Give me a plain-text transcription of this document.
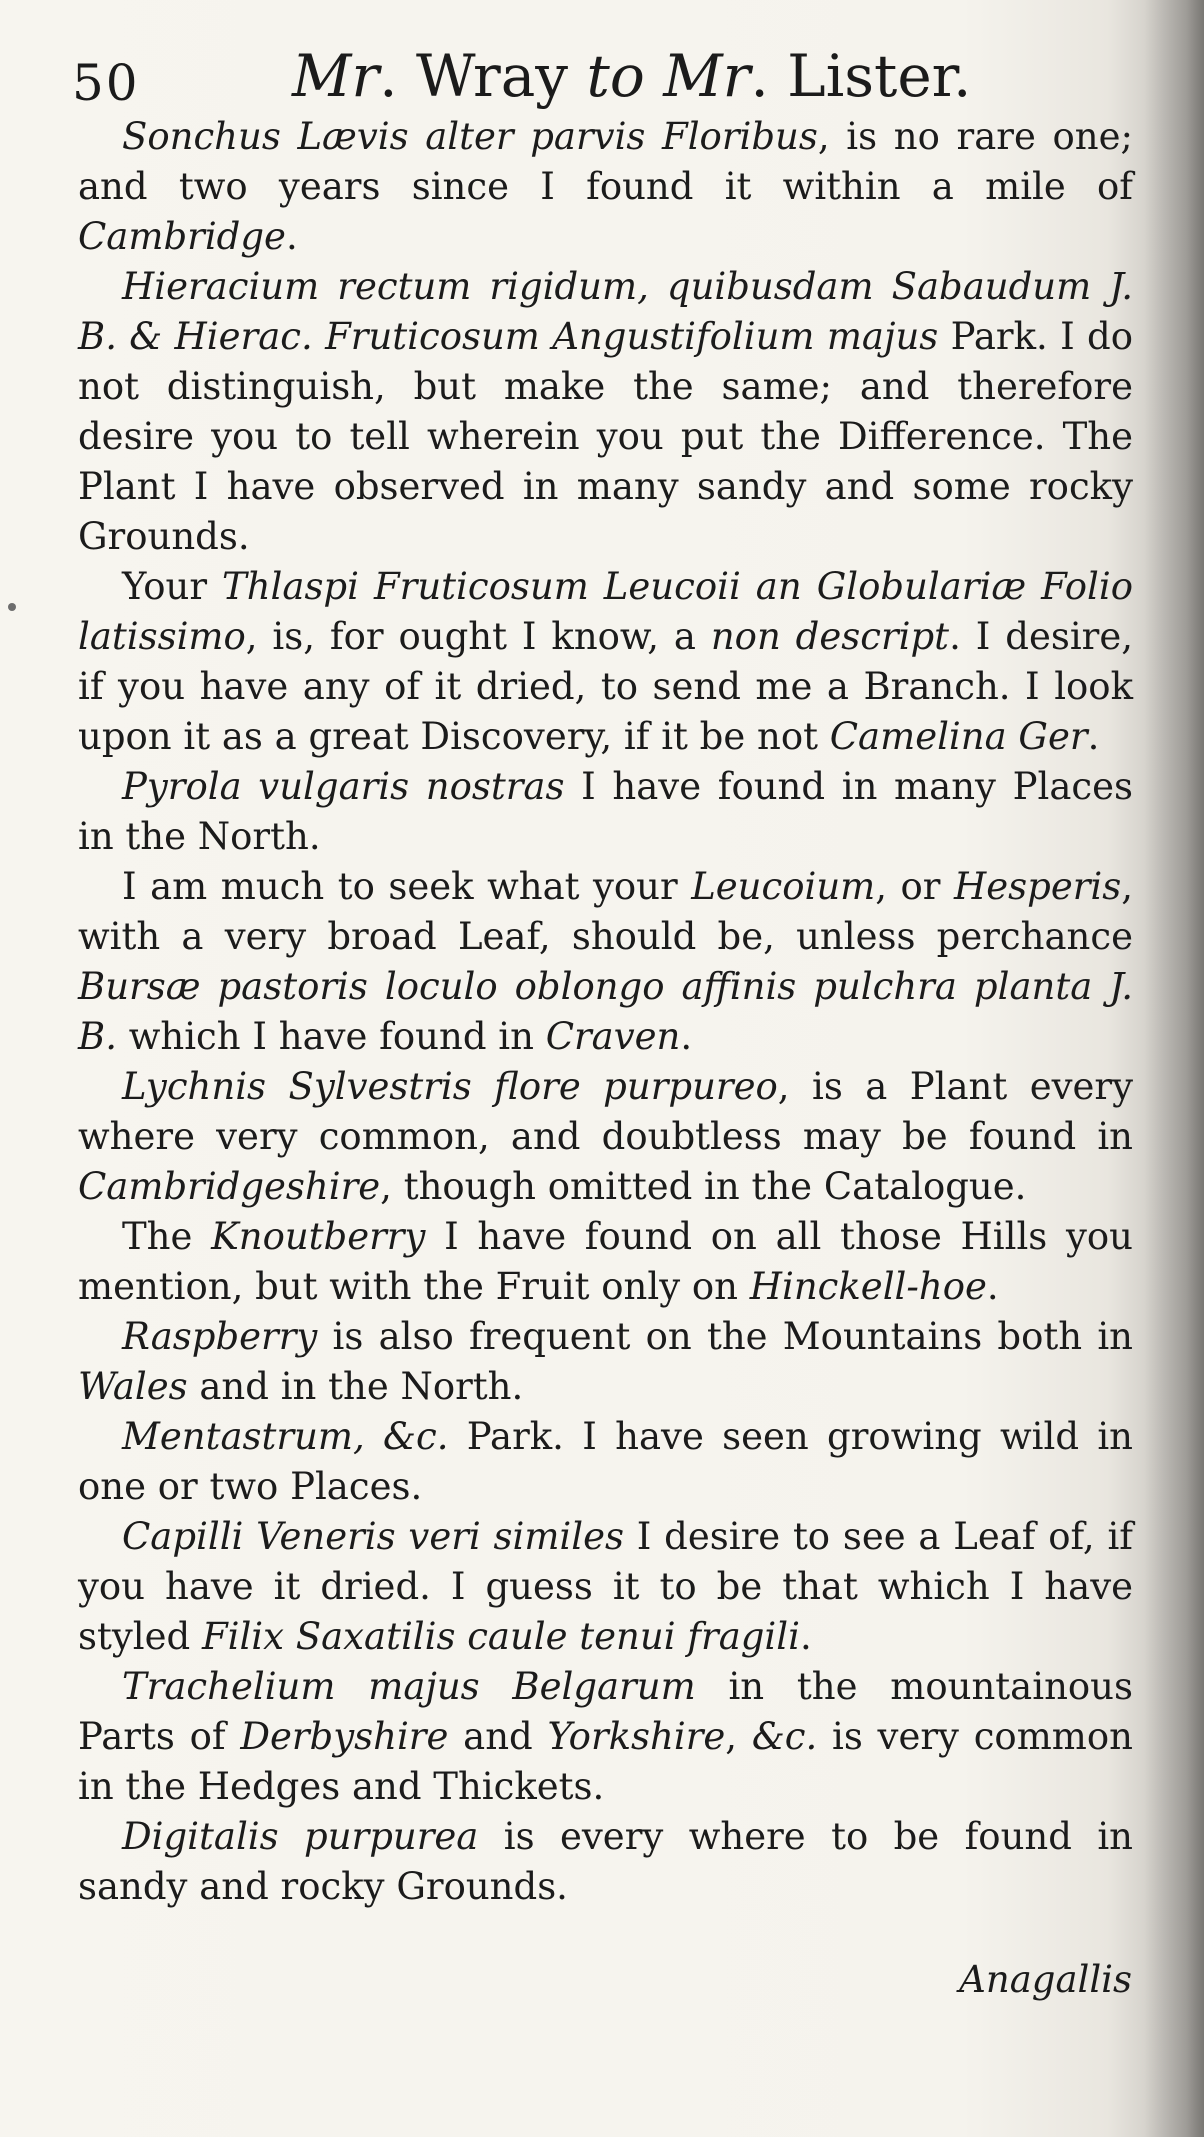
50	Mr. Wray to Mr. Lister.

Sonchus Lævis alter parvis Floribus, is no rare one; and two years since I found it within a mile of Cambridge.

Hieracium rectum rigidum, quibusdam Sabaudum J. B. & Hierac. Fruticosum Angustifolium majus Park. I do not distinguish, but make the same; and therefore desire you to tell wherein you put the Difference. The Plant I have observed in many sandy and some rocky Grounds.

Your Thlaspi Fruticosum Leucoii an Globulariæ Folio latissimo, is, for ought I know, a non descript. I desire, if you have any of it dried, to send me a Branch. I look upon it as a great Discovery, if it be not Camelina Ger.

Pyrola vulgaris nostras I have found in many Places in the North.

I am much to seek what your Leucoium, or Hesperis, with a very broad Leaf, should be, unless perchance Bursæ pastoris loculo oblongo affinis pulchra planta J. B. which I have found in Craven.

Lychnis Sylvestris flore purpureo, is a Plant every where very common, and doubtless may be found in Cambridgeshire, though omitted in the Catalogue.

The Knoutberry I have found on all those Hills you mention, but with the Fruit only on Hinckell-hoe.

Raspberry is also frequent on the Mountains both in Wales and in the North.

Mentastrum, &c. Park. I have seen growing wild in one or two Places.

Capilli Veneris veri similes I desire to see a Leaf of, if you have it dried. I guess it to be that which I have styled Filix Saxatilis caule tenui fragili.

Trachelium majus Belgarum in the mountainous Parts of Derbyshire and Yorkshire, &c. is very common in the Hedges and Thickets.

Digitalis purpurea is every where to be found in sandy and rocky Grounds.

Anagallis
